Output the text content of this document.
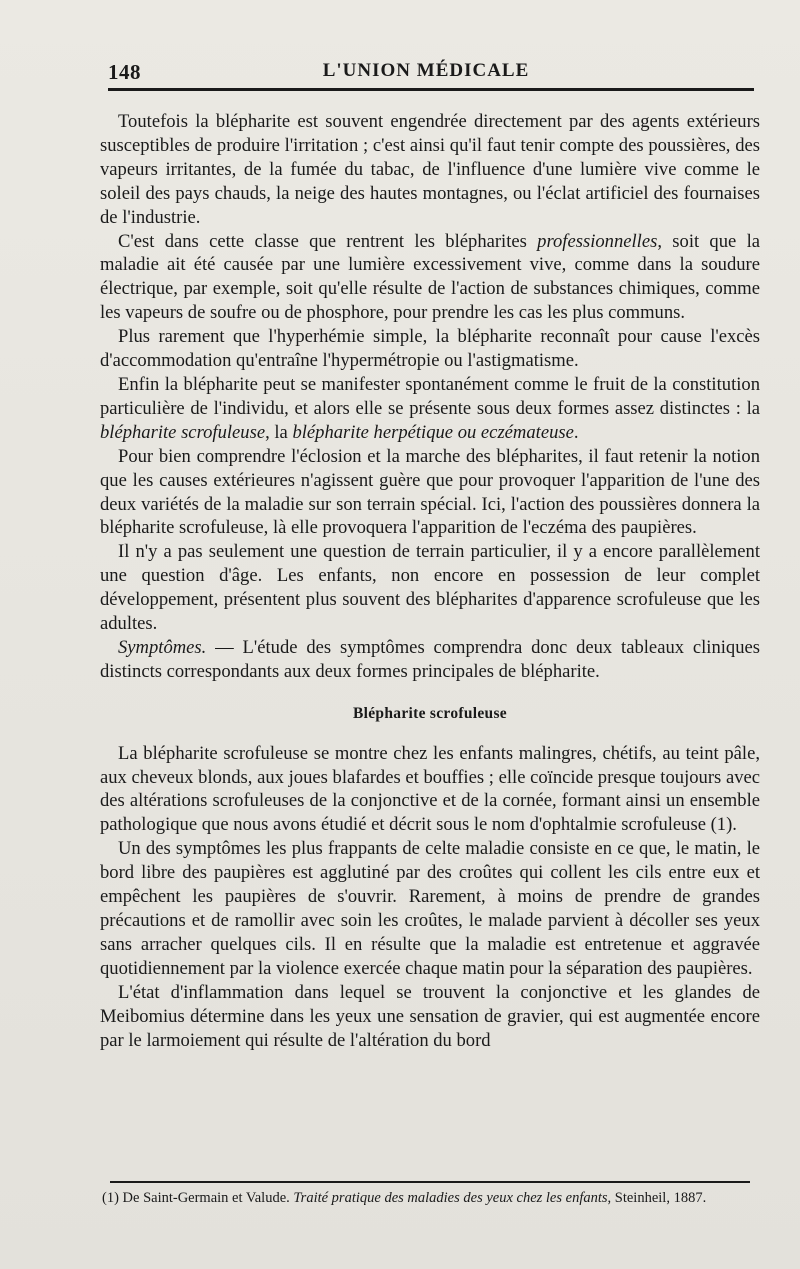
148	L'UNION MÉDICALE

Toutefois la blépharite est souvent engendrée directement par des agents extérieurs susceptibles de produire l'irritation ; c'est ainsi qu'il faut tenir compte des poussières, des vapeurs irritantes, de la fumée du tabac, de l'influence d'une lumière vive comme le soleil des pays chauds, la neige des hautes montagnes, ou l'éclat artificiel des fournaises de l'industrie.

C'est dans cette classe que rentrent les blépharites professionnelles, soit que la maladie ait été causée par une lumière excessivement vive, comme dans la soudure électrique, par exemple, soit qu'elle résulte de l'action de substances chimiques, comme les vapeurs de soufre ou de phosphore, pour prendre les cas les plus communs.

Plus rarement que l'hyperhémie simple, la blépharite reconnaît pour cause l'excès d'accommodation qu'entraîne l'hypermétropie ou l'astigmatisme.

Enfin la blépharite peut se manifester spontanément comme le fruit de la constitution particulière de l'individu, et alors elle se présente sous deux formes assez distinctes : la blépharite scrofuleuse, la blépharite herpétique ou eczémateuse.

Pour bien comprendre l'éclosion et la marche des blépharites, il faut retenir la notion que les causes extérieures n'agissent guère que pour provoquer l'apparition de l'une des deux variétés de la maladie sur son terrain spécial. Ici, l'action des poussières donnera la blépharite scrofuleuse, là elle provoquera l'apparition de l'eczéma des paupières.

Il n'y a pas seulement une question de terrain particulier, il y a encore parallèlement une question d'âge. Les enfants, non encore en possession de leur complet développement, présentent plus souvent des blépharites d'apparence scrofuleuse que les adultes.

Symptômes. — L'étude des symptômes comprendra donc deux tableaux cliniques distincts correspondants aux deux formes principales de blépharite.

Blépharite scrofuleuse

La blépharite scrofuleuse se montre chez les enfants malingres, chétifs, au teint pâle, aux cheveux blonds, aux joues blafardes et bouffies ; elle coïncide presque toujours avec des altérations scrofuleuses de la conjonctive et de la cornée, formant ainsi un ensemble pathologique que nous avons étudié et décrit sous le nom d'ophtalmie scrofuleuse (1).

Un des symptômes les plus frappants de celte maladie consiste en ce que, le matin, le bord libre des paupières est agglutiné par des croûtes qui collent les cils entre eux et empêchent les paupières de s'ouvrir. Rarement, à moins de prendre de grandes précautions et de ramollir avec soin les croûtes, le malade parvient à décoller ses yeux sans arracher quelques cils. Il en résulte que la maladie est entretenue et aggravée quotidiennement par la violence exercée chaque matin pour la séparation des paupières.

L'état d'inflammation dans lequel se trouvent la conjonctive et les glandes de Meibomius détermine dans les yeux une sensation de gravier, qui est augmentée encore par le larmoiement qui résulte de l'altération du bord

(1) De Saint-Germain et Valude. Traité pratique des maladies des yeux chez les enfants, Steinheil, 1887.
